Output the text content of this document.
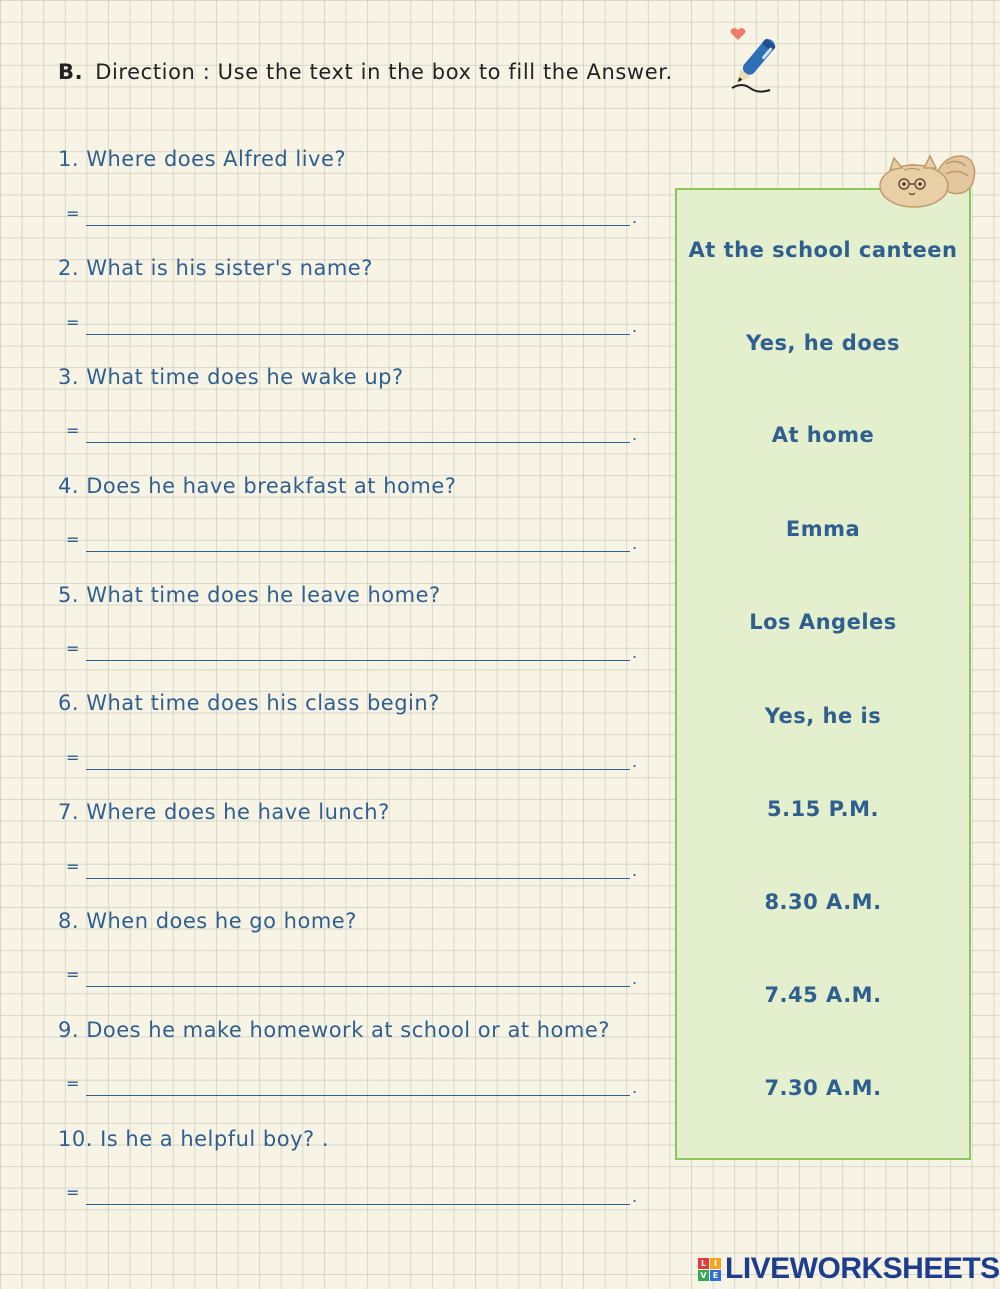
B. Direction : Use the text in the box to fill the Answer.
1. Where does Alfred live?
=	.
2. What is his sister's name?
=	.
3. What time does he wake up?
=	.
4. Does he have breakfast at home?
=	.
5. What time does he leave home?
=	.
6. What time does his class begin?
=	.
7. Where does he have lunch?
=	.
8. When does he go home?
=	.
9. Does he make homework at school or at home?
=	.
10. Is he a helpful boy? .
=	.
At the school canteen
Yes, he does
At home
Emma
Los Angeles
Yes, he is
5.15 P.M.
8.30 A.M.
7.45 A.M.
7.30 A.M.
L I
V E LIVEWORKSHEETS
